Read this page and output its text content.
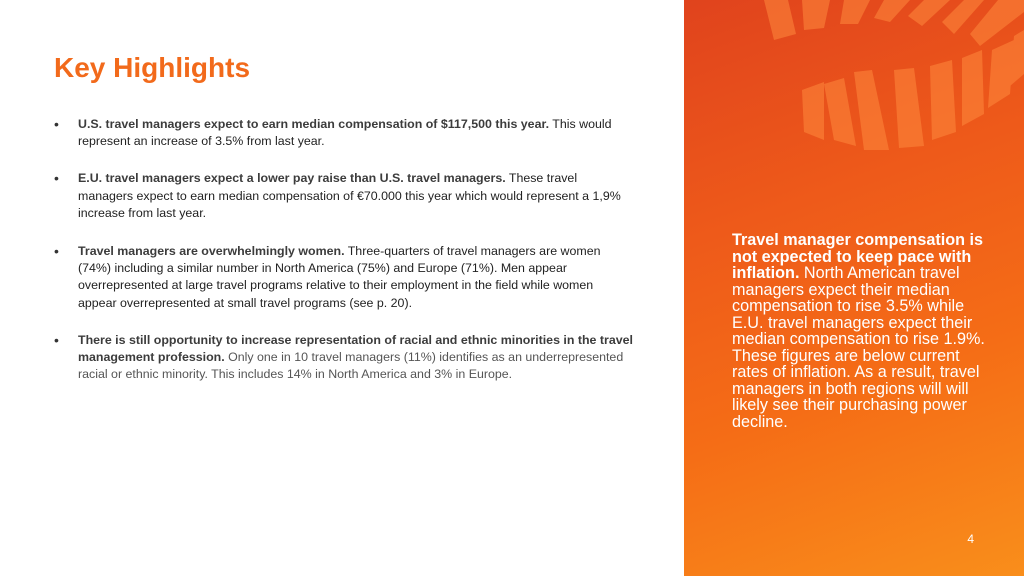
Key Highlights
• U.S. travel managers expect to earn median compensation of $117,500 this year. This would represent an increase of 3.5% from last year.
• E.U. travel managers expect a lower pay raise than U.S. travel managers. These travel managers expect to earn median compensation of €70.000 this year which would represent a 1,9% increase from last year.
• Travel managers are overwhelmingly women. Three-quarters of travel managers are women (74%) including a similar number in North America (75%) and Europe (71%). Men appear overrepresented at large travel programs relative to their employment in the field while women appear overrepresented at small travel programs (see p. 20).
• There is still opportunity to increase representation of racial and ethnic minorities in the travel management profession. Only one in 10 travel managers (11%) identifies as an underrepresented racial or ethnic minority. This includes 14% in North America and 3% in Europe.
Travel manager compensation is not expected to keep pace with inflation. North American travel managers expect their median compensation to rise 3.5% while E.U. travel managers expect their median compensation to rise 1.9%. These figures are below current rates of inflation. As a result, travel managers in both regions will will likely see their purchasing power decline.
4
